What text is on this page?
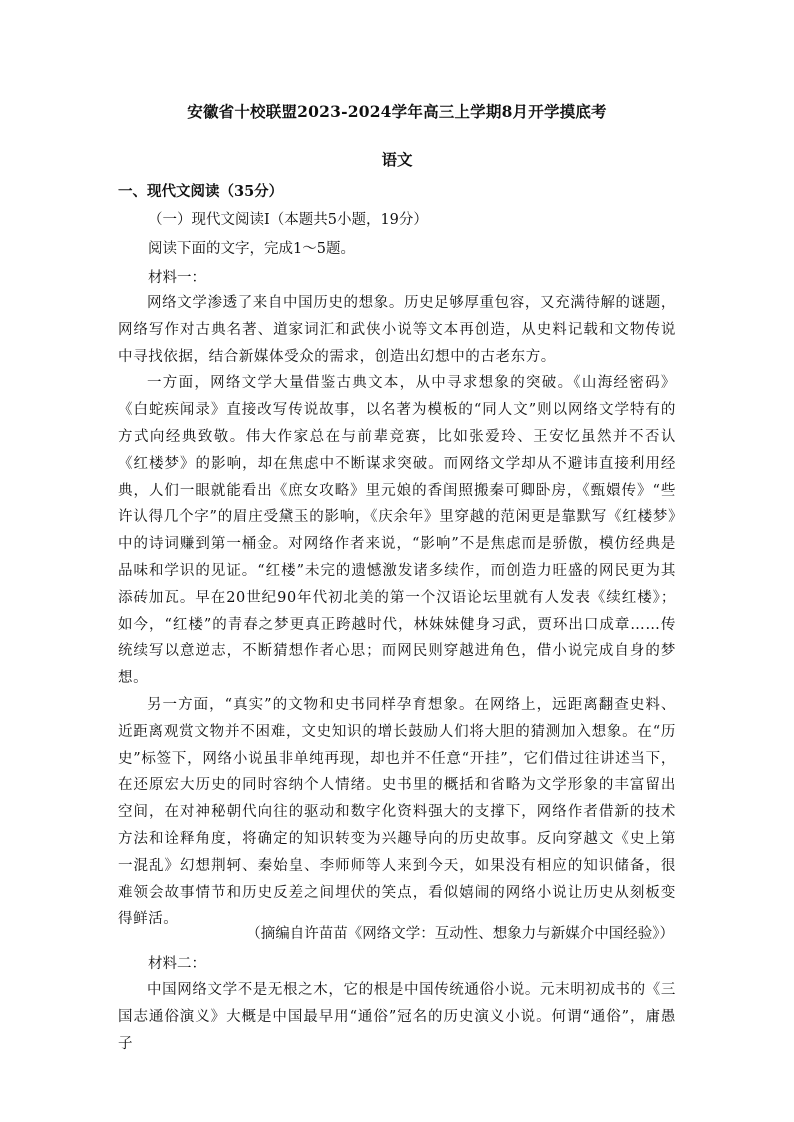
安徽省十校联盟2023-2024学年高三上学期8月开学摸底考
语文
一、现代文阅读（35分）
（一）现代文阅读Ⅰ（本题共5小题，19分）
阅读下面的文字，完成1～5题。
材料一：

网络文学渗透了来自中国历史的想象。历史足够厚重包容，又充满待解的谜题，网络写作对古典名著、道家词汇和武侠小说等文本再创造，从史料记载和文物传说中寻找依据，结合新媒体受众的需求，创造出幻想中的古老东方。

一方面，网络文学大量借鉴古典文本，从中寻求想象的突破。《山海经密码》《白蛇疾闻录》直接改写传说故事，以名著为模板的“同人文”则以网络文学特有的方式向经典致敬。伟大作家总在与前辈竞赛，比如张爱玲、王安忆虽然并不否认《红楼梦》的影响，却在焦虑中不断谋求突破。而网络文学却从不避讳直接利用经典，人们一眼就能看出《庶女攻略》里元娘的香闺照搬秦可卿卧房，《甄嬛传》“些许认得几个字”的眉庄受黛玉的影响，《庆余年》里穿越的范闲更是靠默写《红楼梦》中的诗词赚到第一桶金。对网络作者来说，“影响”不是焦虑而是骄傲，模仿经典是品味和学识的见证。“红楼”未完的遗憾激发诸多续作，而创造力旺盛的网民更为其添砖加瓦。早在20世纪90年代初北美的第一个汉语论坛里就有人发表《续红楼》；如今，“红楼”的青春之梦更真正跨越时代，林妹妹健身习武，贾环出口成章……传统续写以意逆志，不断猜想作者心思；而网民则穿越进角色，借小说完成自身的梦想。

另一方面，“真实”的文物和史书同样孕育想象。在网络上，远距离翻查史料、近距离观赏文物并不困难，文史知识的增长鼓励人们将大胆的猜测加入想象。在“历史”标签下，网络小说虽非单纯再现，却也并不任意“开挂”，它们借过往讲述当下，在还原宏大历史的同时容纳个人情绪。史书里的概括和省略为文学形象的丰富留出空间，在对神秘朝代向往的驱动和数字化资料强大的支撑下，网络作者借新的技术方法和诠释角度，将确定的知识转变为兴趣导向的历史故事。反向穿越文《史上第一混乱》幻想荆轲、秦始皇、李师师等人来到今天，如果没有相应的知识储备，很难领会故事情节和历史反差之间埋伏的笑点，看似嬉闹的网络小说让历史从刻板变得鲜活。

（摘编自许苗苗《网络文学：互动性、想象力与新媒介中国经验》）
材料二：

中国网络文学不是无根之木，它的根是中国传统通俗小说。元末明初成书的《三国志通俗演义》大概是中国最早用“通俗”冠名的历史演义小说。何谓“通俗”，庸愚子
